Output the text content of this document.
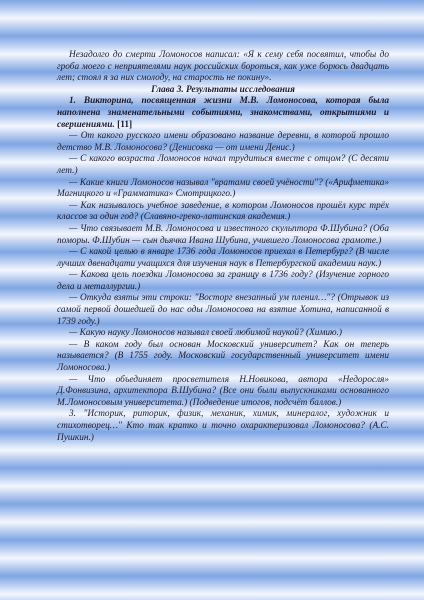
Незадолго до смерти Ломоносов написал: «Я к сему себя посвятил, чтобы до гроба моего с неприятелями наук российских бороться, как уже борюсь двадцать лет; стоял я за них смолоду, на старость не покину».

Глава 3. Результаты исследования

1. Викторина, посвященная жизни М.В. Ломоносова, которая была наполнена знаменательными событиями, знакомствами, открытиями и свершениями. [11]

— От какого русского имени образовано название деревни, в которой прошло детство М.В. Ломоносова? (Денисовка — от имени Денис.)

— С какого возраста Ломоносов начал трудиться вместе с отцом? (С десяти лет.)

— Какие книги Ломоносов называл "вратами своей учёности"? («Арифметика» Магницкого и «Грамматика» Смотрицкого.)

— Как называлось учебное заведение, в котором Ломоносов прошёл курс трёх классов за один год? (Славяно-греко-латинская академия.)

— Что связывает М.В. Ломоносова и известного скульптора Ф.Шубина? (Оба поморы. Ф.Шубин — сын дьячка Ивана Шубина, учившего Ломоносова грамоте.)

— С какой целью в январе 1736 года Ломоносов приехал в Петербург? (В числе лучших двенадцати учащихся для изучения наук в Петербургской академии наук.)

— Какова цель поездки Ломоносова за границу в 1736 году? (Изучение горного дела и металлургии.)

— Откуда взяты эти строки: "Восторг внезапный ум пленил…"? (Отрывок из самой первой дошедшей до нас оды Ломоносова на взятие Хотина, написанной в 1739 году.)

— Какую науку Ломоносов называл своей любимой наукой? (Химию.)

— В каком году был основан Московский университет? Как он теперь называется? (В 1755 году. Московский государственный университет имени Ломоносова.)

— Что объединяет просветителя Н.Новикова, автора «Недоросля» Д.Фонвизина, архитектора В.Шубина? (Все они были выпускниками основанного М.Ломоносовым университета.) (Подведение итогов, подсчёт баллов.)

3. "Историк, риторик, физик, механик, химик, минералог, художник и стихотворец…" Кто так кратко и точно охарактеризовал Ломоносова? (А.С. Пушкин.)
